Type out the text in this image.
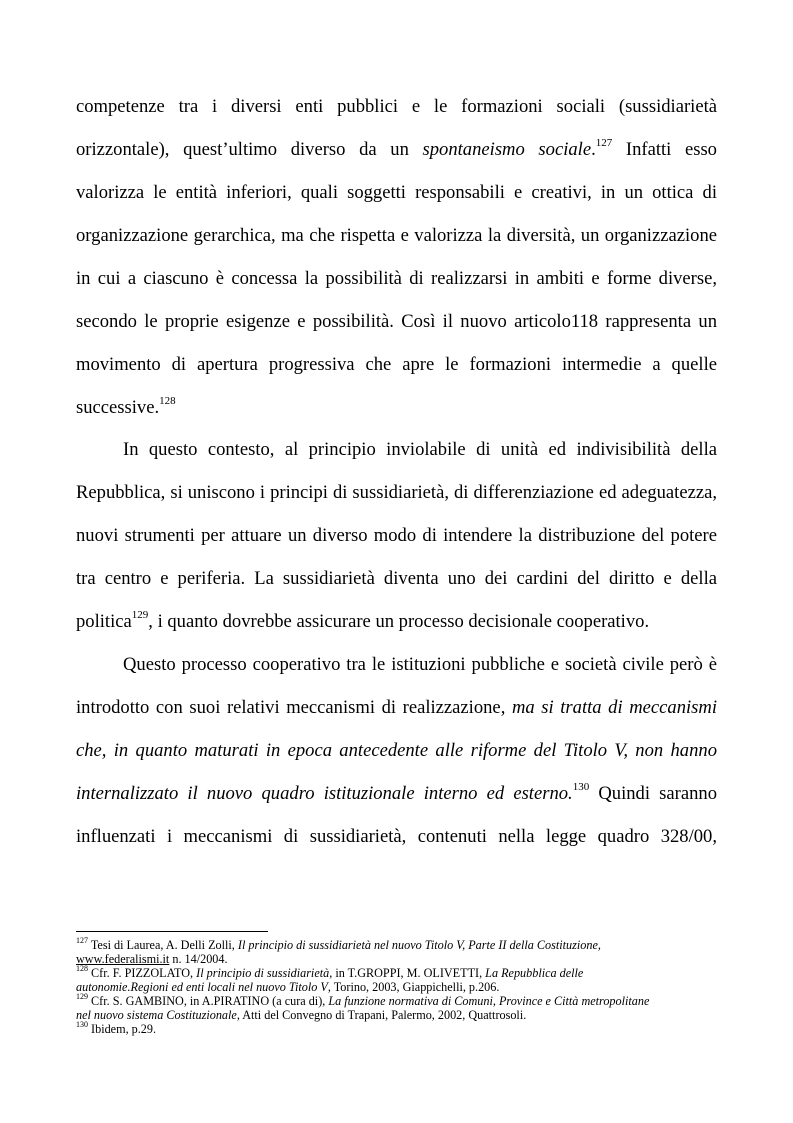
competenze tra i diversi enti pubblici e le formazioni sociali (sussidiarietà
orizzontale), quest’ultimo diverso da un spontaneismo sociale.$^{127}$ Infatti esso
valorizza le entità inferiori, quali soggetti responsabili e creativi, in un ottica di
organizzazione gerarchica, ma che rispetta e valorizza la diversità, un organizzazione
in cui a ciascuno è concessa la possibilità di realizzarsi in ambiti e forme diverse,
secondo le proprie esigenze e possibilità. Così il nuovo articolo118 rappresenta un
movimento di apertura progressiva che apre le formazioni intermedie a quelle
successive.$^{128}$
In questo contesto, al principio inviolabile di unità ed indivisibilità della
Repubblica, si uniscono i principi di sussidiarietà, di differenziazione ed adeguatezza,
nuovi strumenti per attuare un diverso modo di intendere la distribuzione del potere
tra centro e periferia. La sussidiarietà diventa uno dei cardini del diritto e della
politica$^{129}$, i quanto dovrebbe assicurare un processo decisionale cooperativo.
Questo processo cooperativo tra le istituzioni pubbliche e società civile però è
introdotto con suoi relativi meccanismi di realizzazione, ma si tratta di meccanismi
che, in quanto maturati in epoca antecedente alle riforme del Titolo V, non hanno
internalizzato il nuovo quadro istituzionale interno ed esterno.$^{130}$ Quindi saranno
influenzati i meccanismi di sussidiarietà, contenuti nella legge quadro 328/00,
$^{127}$ Tesi di Laurea, A. Delli Zolli, Il principio di sussidiarietà nel nuovo Titolo V, Parte II della Costituzione,
www.federalismi.it n. 14/2004.
$^{128}$ Cfr. F. PIZZOLATO, Il principio di sussidiarietà, in T.GROPPI, M. OLIVETTI, La Repubblica delle
autonomie.Regioni ed enti locali nel nuovo Titolo V, Torino, 2003, Giappichelli, p.206.
$^{129}$ Cfr. S. GAMBINO, in A.PIRATINO (a cura di), La funzione normativa di Comuni, Province e Città metropolitane
nel nuovo sistema Costituzionale, Atti del Convegno di Trapani, Palermo, 2002, Quattrosoli.
$^{130}$ Ibidem, p.29.
